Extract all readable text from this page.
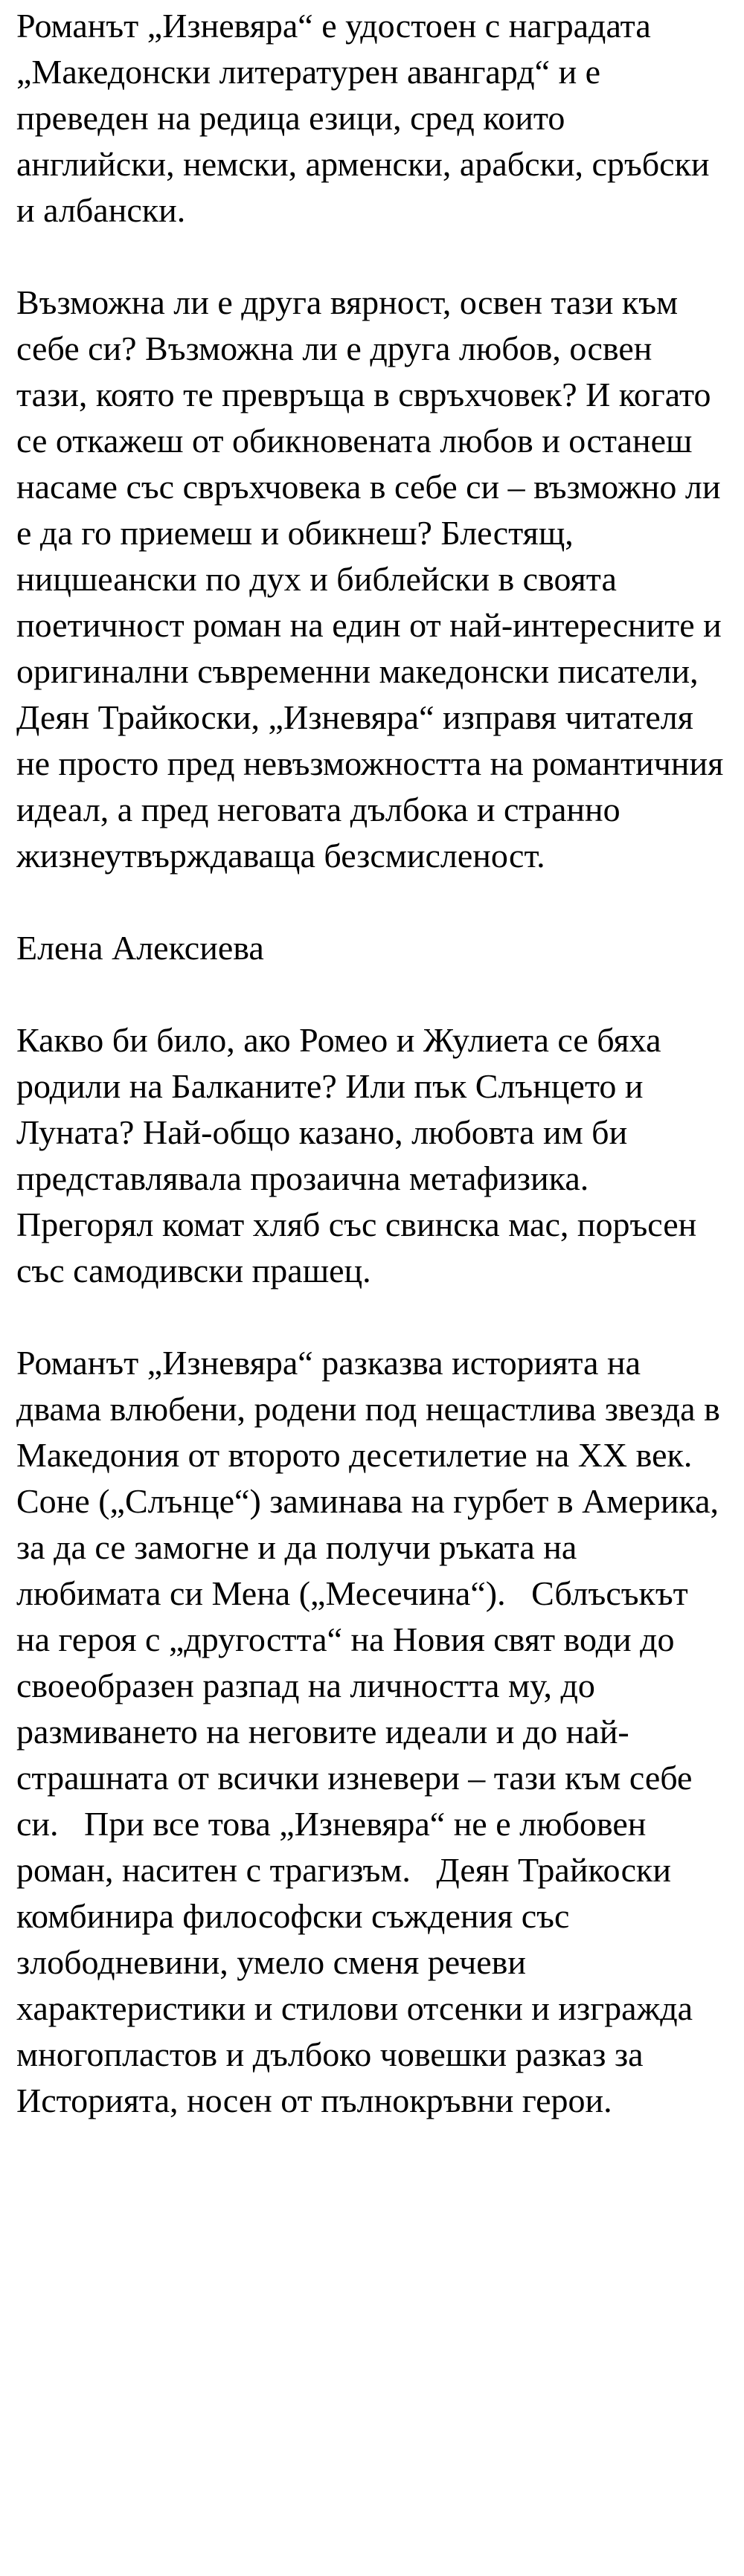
Романът „Изневяра“ е удостоен с наградата „Македонски литературен авангард“ и е преведен на редица езици, сред които английски, немски, арменски, арабски, сръбски и албански.

Възможна ли е друга вярност, освен тази към себе си? Възможна ли е друга любов, освен тази, която те превръща в свръхчовек? И когато се откажеш от обикновената любов и останеш насаме със свръхчовека в себе си – възможно ли е да го приемеш и обикнеш? Блестящ, ницшеански по дух и библейски в своята поетичност роман на един от най-интересните и оригинални съвременни македонски писатели, Деян Трайкоски, „Изневяра“ изправя читателя не просто пред невъзможността на романтичния идеал, а пред неговата дълбока и странно жизнеутвърждаваща безсмисленост.

Елена Алексиева

Какво би било, ако Ромео и Жулиета се бяха родили на Балканите? Или пък Слънцето и Луната? Най-общо казано, любовта им би представлявала прозаична метафизика.   Прегорял комат хляб със свинска мас, поръсен със самодивски прашец.

Романът „Изневяра“ разказва историята на двама влюбени, родени под нещастлива звезда в Македония от второто десетилетие на XX век.   Соне („Слънце“) заминава на гурбет в Америка, за да се замогне и да получи ръката на любимата си Мена („Месечина“).   Сблъсъкът на героя с „другостта“ на Новия свят води до своеобразен разпад на личността му, до размиването на неговите идеали и до най-страшната от всички изневери – тази към себе си.   При все това „Изневяра“ не е любовен роман, наситен с трагизъм.   Деян Трайкоски комбинира философски съждения със злободневини, умело сменя речеви характеристики и стилови отсенки и изгражда многопластов и дълбоко човешки разказ за Историята, носен от пълнокръвни герои.
